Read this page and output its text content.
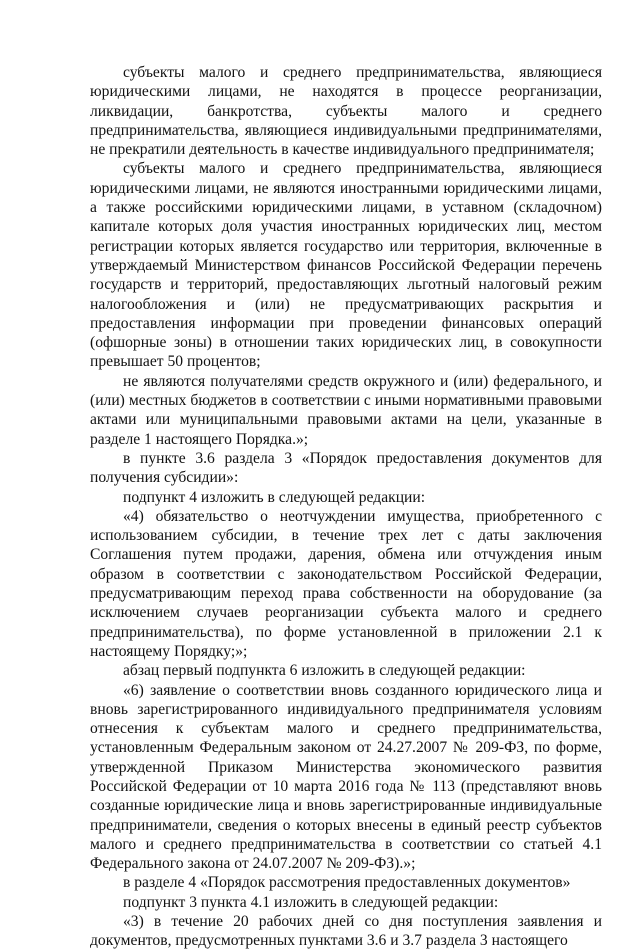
субъекты малого и среднего предпринимательства, являющиеся юридическими лицами, не находятся в процессе реорганизации, ликвидации, банкротства, субъекты малого и среднего предпринимательства, являющиеся индивидуальными предпринимателями, не прекратили деятельность в качестве индивидуального предпринимателя;

субъекты малого и среднего предпринимательства, являющиеся юридическими лицами, не являются иностранными юридическими лицами, а также российскими юридическими лицами, в уставном (складочном) капитале которых доля участия иностранных юридических лиц, местом регистрации которых является государство или территория, включенные в утверждаемый Министерством финансов Российской Федерации перечень государств и территорий, предоставляющих льготный налоговый режим налогообложения и (или) не предусматривающих раскрытия и предоставления информации при проведении финансовых операций (офшорные зоны) в отношении таких юридических лиц, в совокупности превышает 50 процентов;

не являются получателями средств окружного и (или) федерального, и (или) местных бюджетов в соответствии с иными нормативными правовыми актами или муниципальными правовыми актами на цели, указанные в разделе 1 настоящего Порядка.»;

в пункте 3.6 раздела 3 «Порядок предоставления документов для получения субсидии»:

подпункт 4 изложить в следующей редакции:

«4) обязательство о неотчуждении имущества, приобретенного с использованием субсидии, в течение трех лет с даты заключения Соглашения путем продажи, дарения, обмена или отчуждения иным образом в соответствии с законодательством Российской Федерации, предусматривающим переход права собственности на оборудование (за исключением случаев реорганизации субъекта малого и среднего предпринимательства), по форме установленной в приложении 2.1 к настоящему Порядку;»;

абзац первый подпункта 6 изложить в следующей редакции:

«6) заявление о соответствии вновь созданного юридического лица и вновь зарегистрированного индивидуального предпринимателя условиям отнесения к субъектам малого и среднего предпринимательства, установленным Федеральным законом от 24.27.2007 № 209-ФЗ, по форме, утвержденной Приказом Министерства экономического развития Российской Федерации от 10 марта 2016 года № 113 (представляют вновь созданные юридические лица и вновь зарегистрированные индивидуальные предприниматели, сведения о которых внесены в единый реестр субъектов малого и среднего предпринимательства в соответствии со статьей 4.1 Федерального закона от 24.07.2007 № 209-ФЗ).»;

в разделе 4 «Порядок рассмотрения предоставленных документов»

подпункт 3 пункта 4.1 изложить в следующей редакции:

«3) в течение 20 рабочих дней со дня поступления заявления и документов, предусмотренных пунктами 3.6 и 3.7 раздела 3 настоящего
